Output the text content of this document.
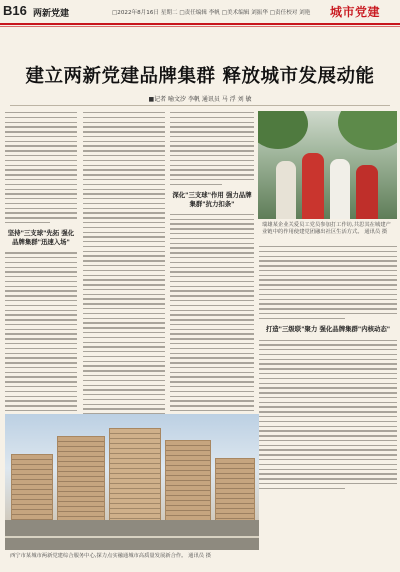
B16 两新党建	□2022年8月16日 星期二 □责任编辑 李帆 □美术编辑 刘振华 □责任校对 刘艳 城市党建
建立两新党建品牌集群 释放城市发展动能
■记者 喻文汐 李帆 通讯员 马 浮 刘 敏
坚持"三支球"先拓 强化品牌集群"迅速入场"
深化"三支球"作用 强力品牌集群"抗力扣条"
打造"三级联"聚力 强化品牌集群"内核动态"
瑞雄某企业关爱员工党员参加打工作坊,共思其在城建产业链中的作用使建党团融出社区生活方式。 通讯员 摄
西宁市某城市两新党建综合服务中心,探力点实融通城市高质量发展新合作。 通讯员 摄
